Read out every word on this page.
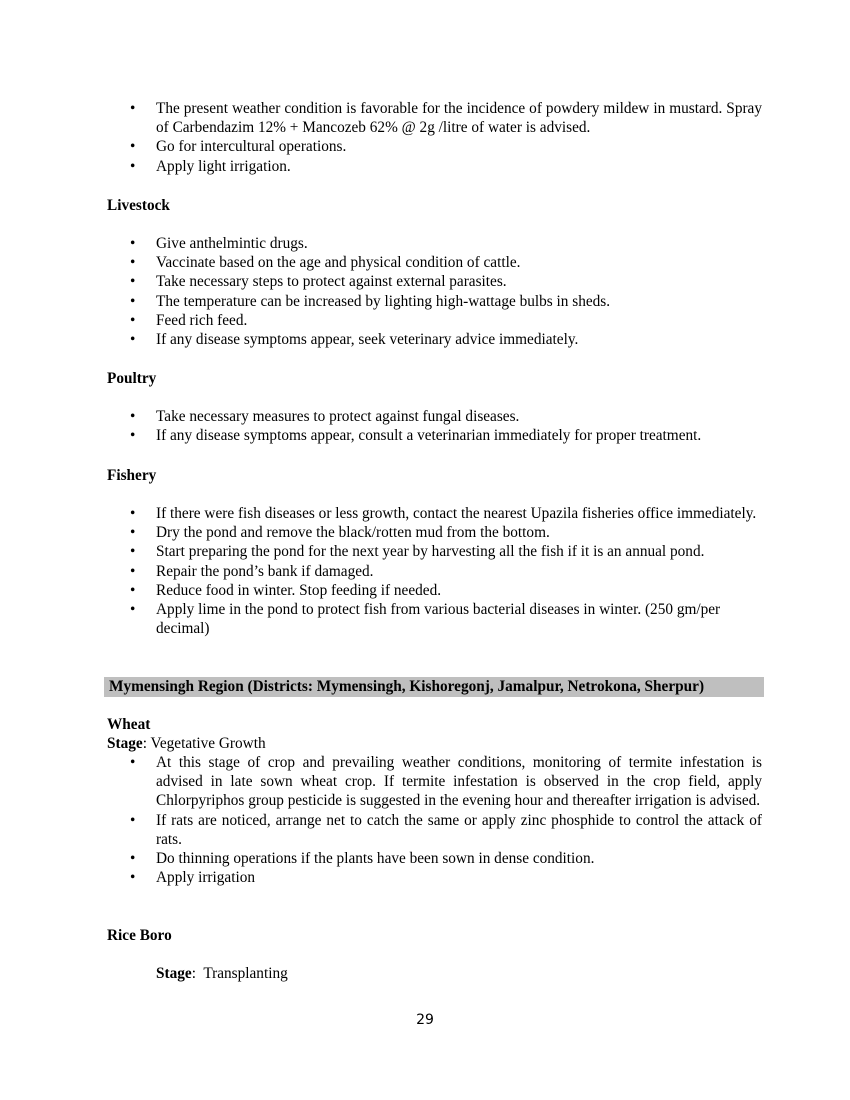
• The present weather condition is favorable for the incidence of powdery mildew in mustard. Spray of Carbendazim 12% + Mancozeb 62% @ 2g /litre of water is advised.
• Go for intercultural operations.
• Apply light irrigation.
Livestock
• Give anthelmintic drugs.
• Vaccinate based on the age and physical condition of cattle.
• Take necessary steps to protect against external parasites.
• The temperature can be increased by lighting high-wattage bulbs in sheds.
• Feed rich feed.
• If any disease symptoms appear, seek veterinary advice immediately.
Poultry
• Take necessary measures to protect against fungal diseases.
• If any disease symptoms appear, consult a veterinarian immediately for proper treatment.
Fishery
• If there were fish diseases or less growth, contact the nearest Upazila fisheries office immediately.
• Dry the pond and remove the black/rotten mud from the bottom.
• Start preparing the pond for the next year by harvesting all the fish if it is an annual pond.
• Repair the pond’s bank if damaged.
• Reduce food in winter. Stop feeding if needed.
• Apply lime in the pond to protect fish from various bacterial diseases in winter. (250 gm/per decimal)
Mymensingh Region (Districts: Mymensingh, Kishoregonj, Jamalpur, Netrokona, Sherpur)
Wheat
Stage: Vegetative Growth
• At this stage of crop and prevailing weather conditions, monitoring of termite infestation is advised in late sown wheat crop. If termite infestation is observed in the crop field, apply Chlorpyriphos group pesticide is suggested in the evening hour and thereafter irrigation is advised.
• If rats are noticed, arrange net to catch the same or apply zinc phosphide to control the attack of rats.
• Do thinning operations if the plants have been sown in dense condition.
• Apply irrigation
Rice Boro
Stage:  Transplanting
29
